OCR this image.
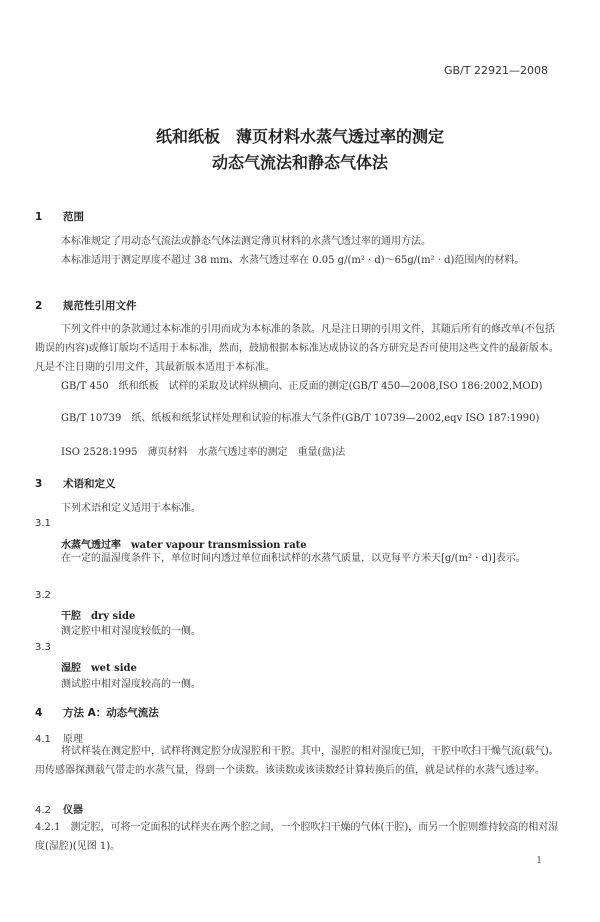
GB/T 22921—2008
纸和纸板　薄页材料水蒸气透过率的测定
动态气流法和静态气体法
1 范围
本标准规定了用动态气流法或静态气体法测定薄页材料的水蒸气透过率的通用方法。
本标准适用于测定厚度不超过 38 mm、水蒸气透过率在 0.05 g/(m² · d)～65g/(m² · d)范围内的材料。
2 规范性引用文件
下列文件中的条款通过本标准的引用而成为本标准的条款。凡是注日期的引用文件，其随后所有的修改单(不包括勘误的内容)或修订版均不适用于本标准，然而，鼓励根据本标准达成协议的各方研究是否可使用这些文件的最新版本。凡是不注日期的引用文件，其最新版本适用于本标准。
GB/T 450　纸和纸板　试样的采取及试样纵横向、正反面的测定(GB/T 450—2008,ISO 186:2002,MOD)
GB/T 10739　纸、纸板和纸浆试样处理和试验的标准大气条件(GB/T 10739—2002,eqv ISO 187:1990)
ISO 2528:1995　薄页材料　水蒸气透过率的测定　重量(盘)法
3 术语和定义
下列术语和定义适用于本标准。
3.1
水蒸气透过率 water vapour transmission rate
在一定的温湿度条件下，单位时间内透过单位面积试样的水蒸气质量，以克每平方米天[g/(m² · d)]表示。
3.2
干腔 dry side
测定腔中相对湿度较低的一侧。
3.3
湿腔 wet side
测试腔中相对湿度较高的一侧。
4 方法 A：动态气流法
4.1 原理
将试样装在测定腔中，试样将测定腔分成湿腔和干腔。其中，湿腔的相对湿度已知，干腔中吹扫干燥气流(载气)。用传感器探测载气带走的水蒸气量，得到一个读数。该读数或该读数经计算转换后的值，就是试样的水蒸气透过率。
4.2 仪器
4.2.1　测定腔，可将一定面积的试样夹在两个腔之间，一个腔吹扫干燥的气体(干腔)，而另一个腔则维持较高的相对湿度(湿腔)(见图 1)。
1
